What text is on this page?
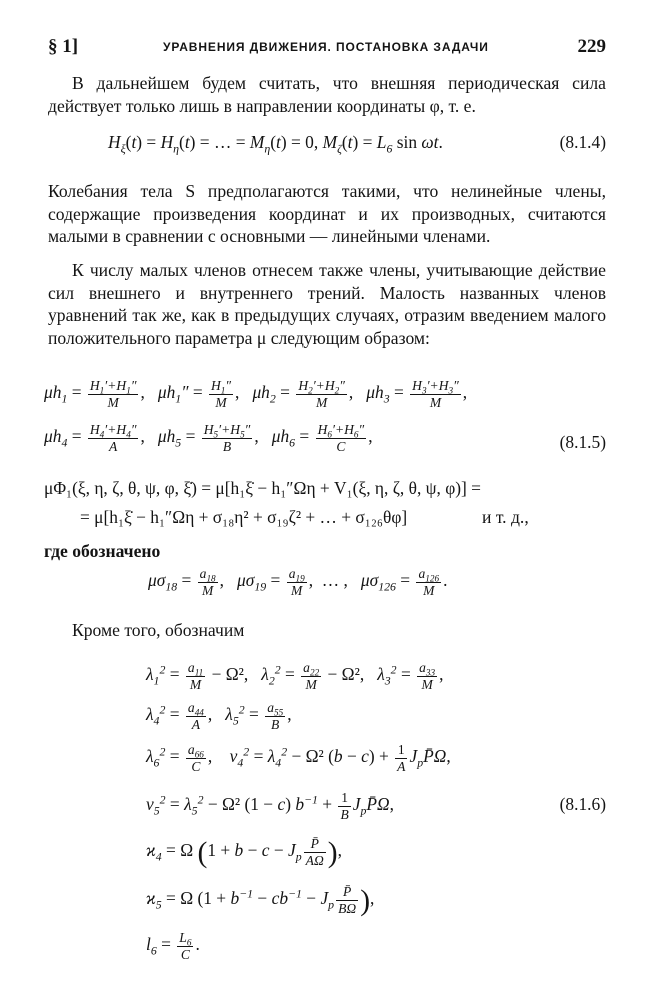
§ 1]	УРАВНЕНИЯ ДВИЖЕНИЯ. ПОСТАНОВКА ЗАДАЧИ	229
В дальнейшем будем считать, что внешняя периодическая сила действует только лишь в направлении координаты φ, т. е.
$H_\xi(t) = H_\eta(t)$ = … = $M_\eta(t) = 0$, $M_\zeta(t) = L_6$ sin ωt.	(8.1.4)
Колебания тела S предполагаются такими, что нелинейные члены, содержащие произведения координат и их производных, считаются малыми в сравнении с основными — линейными членами.
К числу малых членов отнесем также члены, учитывающие действие сил внешнего и внутреннего трений. Малость названных членов уравнений так же, как в предыдущих случаях, отразим введением малого положительного параметра μ следующим образом:
$\mu h_1 = \frac{H_1'+H_1''}{M}$ ,   $\mu h_1'' = \frac{H_1''}{M}$ ,   $\mu h_2 = \frac{H_2'+H_2''}{M}$ ,   $\mu h_3 = \frac{H_3'+H_3''}{M}$ ,
$\mu h_4 = \frac{H_4'+H_4''}{A}$ ,   $\mu h_5 = \frac{H_5'+H_5''}{B}$ ,   $\mu h_6 = \frac{H_6'+H_6''}{C}$ ,	(8.1.5)
μΦ₁(ξ, η, ζ, θ, ψ, φ, ξ̇) = μ[h₁ξ̇ − h₁″Ωη + V₁(ξ, η, ζ, θ, ψ, φ)] =
= μ[h₁ξ̇ − h₁″Ωη + σ₁₈η² + σ₁₉ζ² + … + σ₁₂₆θφ]	и т. д.,
где обозначено
$\mu\sigma_{18} = \frac{a_{18}}{M}$ ,   $\mu\sigma_{19} = \frac{a_{19}}{M}$ ,  … ,   $\mu\sigma_{126} = \frac{a_{126}}{M}$ .
Кроме того, обозначим
$\lambda_1^2 = \frac{a_{11}}{M} - \Omega^2$,   $\lambda_2^2 = \frac{a_{22}}{M} - \Omega^2$,   $\lambda_3^2 = \frac{a_{33}}{M}$ ,
$\lambda_4^2 = \frac{a_{44}}{A}$ ,   $\lambda_5^2 = \frac{a_{55}}{B}$ ,
$\lambda_6^2 = \frac{a_{66}}{C}$ ,    $\nu_4^2 = \lambda_4^2 - \Omega^2$ $(b - c) + \frac{1}{A}$ $J_pP̄\Omega$,
$\nu_5^2 = \lambda_5^2 - \Omega^2$ (1 − c) $b^{-1} + \frac{1}{B}$ $J_pP̄\Omega$,	(8.1.6)
$ϰ_4 = \Omega$ ($1 + b - c - J_p \frac{P̄}{A\Omega}$ ),
$ϰ_5 = \Omega$ ($1 + b^{-1} - cb^{-1} - J_p \frac{P̄}{B\Omega}$ ),
$l_6 = \frac{L_6}{C}$ .
